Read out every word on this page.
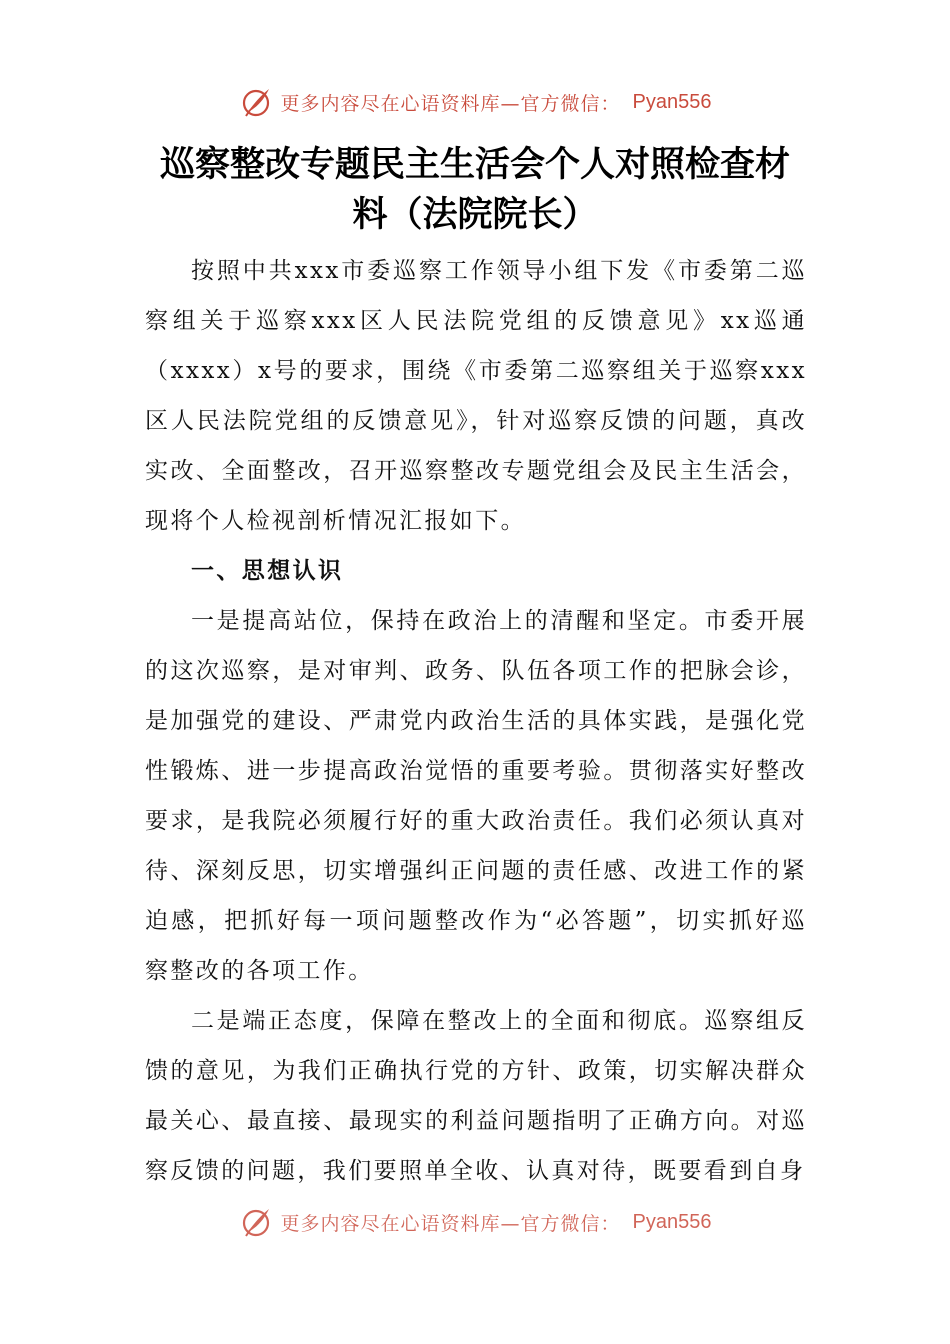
更多内容尽在心语资料库—官方微信： Pyan556
巡察整改专题民主生活会个人对照检查材料（法院院长）

按照中共xxx市委巡察工作领导小组下发《市委第二巡察组关于巡察xxx区人民法院党组的反馈意见》xx巡通（xxxx）x号的要求，围绕《市委第二巡察组关于巡察xxx区人民法院党组的反馈意见》，针对巡察反馈的问题，真改实改、全面整改，召开巡察整改专题党组会及民主生活会，现将个人检视剖析情况汇报如下。

一、思想认识

一是提高站位，保持在政治上的清醒和坚定。市委开展的这次巡察，是对审判、政务、队伍各项工作的把脉会诊，是加强党的建设、严肃党内政治生活的具体实践，是强化党性锻炼、进一步提高政治觉悟的重要考验。贯彻落实好整改要求，是我院必须履行好的重大政治责任。我们必须认真对待、深刻反思，切实增强纠正问题的责任感、改进工作的紧迫感，把抓好每一项问题整改作为“必答题”，切实抓好巡察整改的各项工作。

二是端正态度，保障在整改上的全面和彻底。巡察组反馈的意见，为我们正确执行党的方针、政策，切实解决群众最关心、最直接、最现实的利益问题指明了正确方向。对巡察反馈的问题，我们要照单全收、认真对待，既要看到自身

更多内容尽在心语资料库—官方微信： Pyan556
